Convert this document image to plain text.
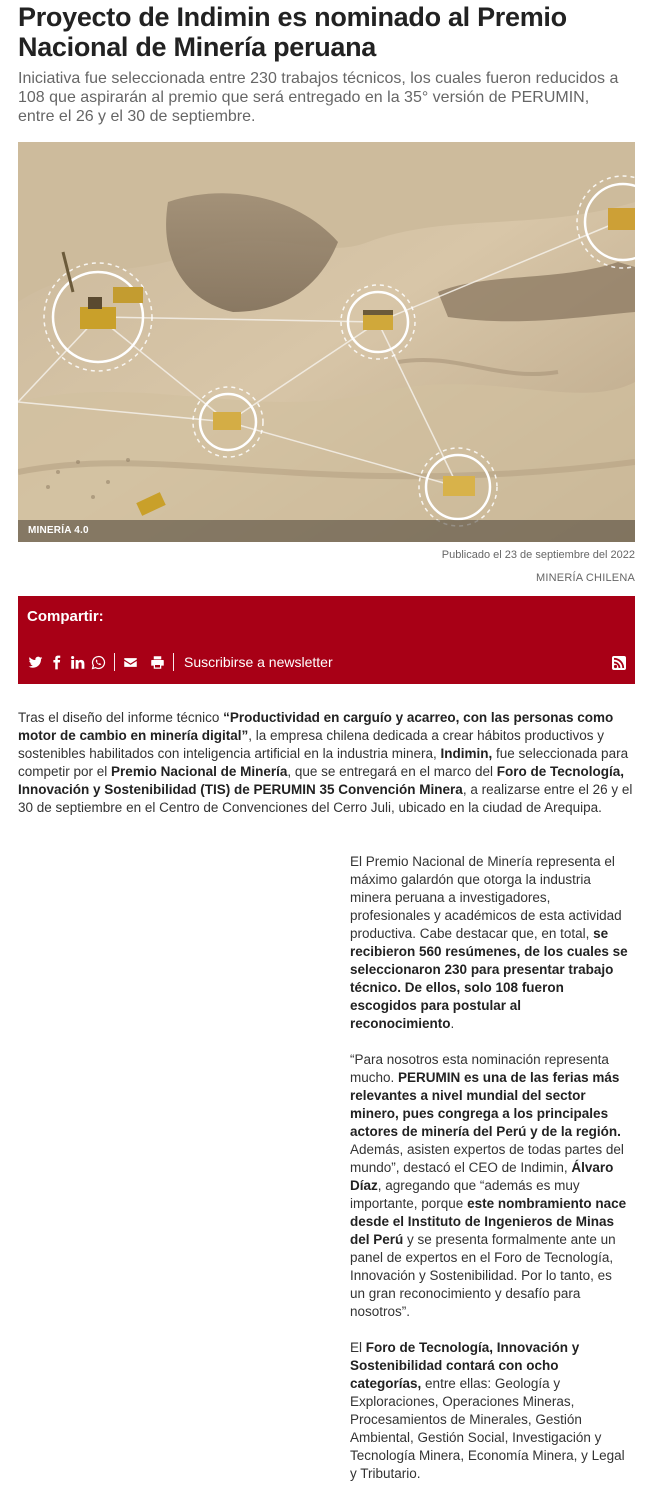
Proyecto de Indimin es nominado al Premio Nacional de Minería peruana

Iniciativa fue seleccionada entre 230 trabajos técnicos, los cuales fueron reducidos a 108 que aspirarán al premio que será entregado en la 35° versión de PERUMIN, entre el 26 y el 30 de septiembre.

MINERÍA 4.0
Publicado el 23 de septiembre del 2022
MINERÍA CHILENA
Compartir:
Suscribirse a newsletter

Tras el diseño del informe técnico “Productividad en carguío y acarreo, con las personas como motor de cambio en minería digital”, la empresa chilena dedicada a crear hábitos productivos y sostenibles habilitados con inteligencia artificial en la industria minera, Indimin, fue seleccionada para competir por el Premio Nacional de Minería, que se entregará en el marco del Foro de Tecnología, Innovación y Sostenibilidad (TIS) de PERUMIN 35 Convención Minera, a realizarse entre el 26 y el 30 de septiembre en el Centro de Convenciones del Cerro Juli, ubicado en la ciudad de Arequipa.

El Premio Nacional de Minería representa el máximo galardón que otorga la industria minera peruana a investigadores, profesionales y académicos de esta actividad productiva. Cabe destacar que, en total, se recibieron 560 resúmenes, de los cuales se seleccionaron 230 para presentar trabajo técnico. De ellos, solo 108 fueron escogidos para postular al reconocimiento.

“Para nosotros esta nominación representa mucho. PERUMIN es una de las ferias más relevantes a nivel mundial del sector minero, pues congrega a los principales actores de minería del Perú y de la región. Además, asisten expertos de todas partes del mundo”, destacó el CEO de Indimin, Álvaro Díaz, agregando que “además es muy importante, porque este nombramiento nace desde el Instituto de Ingenieros de Minas del Perú y se presenta formalmente ante un panel de expertos en el Foro de Tecnología, Innovación y Sostenibilidad. Por lo tanto, es un gran reconocimiento y desafío para nosotros”.

El Foro de Tecnología, Innovación y Sostenibilidad contará con ocho categorías, entre ellas: Geología y Exploraciones, Operaciones Mineras, Procesamientos de Minerales, Gestión Ambiental, Gestión Social, Investigación y Tecnología Minera, Economía Minera, y Legal y Tributario.
